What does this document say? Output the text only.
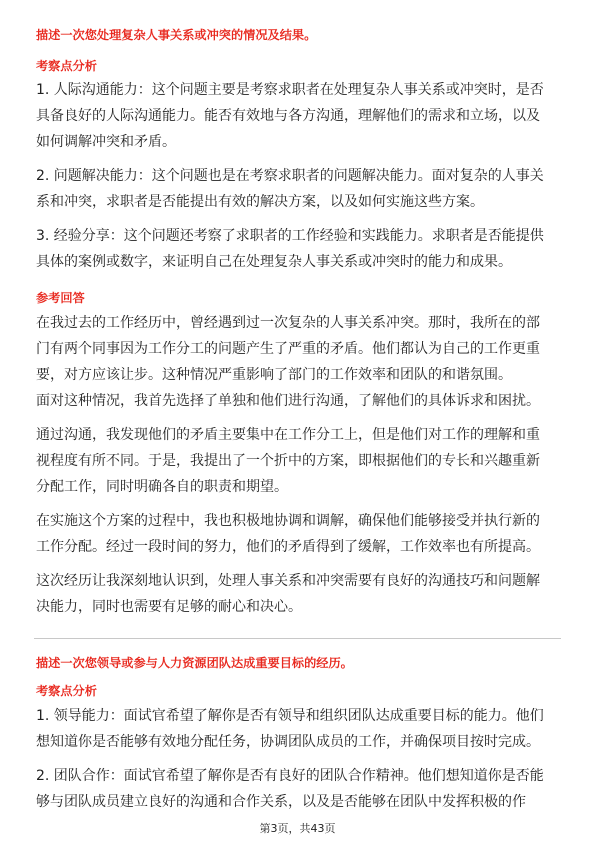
描述一次您处理复杂人事关系或冲突的情况及结果。
考察点分析
1. 人际沟通能力：这个问题主要是考察求职者在处理复杂人事关系或冲突时，是否
具备良好的人际沟通能力。能否有效地与各方沟通，理解他们的需求和立场，以及
如何调解冲突和矛盾。
2. 问题解决能力：这个问题也是在考察求职者的问题解决能力。面对复杂的人事关
系和冲突，求职者是否能提出有效的解决方案，以及如何实施这些方案。
3. 经验分享：这个问题还考察了求职者的工作经验和实践能力。求职者是否能提供
具体的案例或数字，来证明自己在处理复杂人事关系或冲突时的能力和成果。
参考回答
在我过去的工作经历中，曾经遇到过一次复杂的人事关系冲突。那时，我所在的部
门有两个同事因为工作分工的问题产生了严重的矛盾。他们都认为自己的工作更重
要，对方应该让步。这种情况严重影响了部门的工作效率和团队的和谐氛围。
面对这种情况，我首先选择了单独和他们进行沟通，了解他们的具体诉求和困扰。
通过沟通，我发现他们的矛盾主要集中在工作分工上，但是他们对工作的理解和重
视程度有所不同。于是，我提出了一个折中的方案，即根据他们的专长和兴趣重新
分配工作，同时明确各自的职责和期望。
在实施这个方案的过程中，我也积极地协调和调解，确保他们能够接受并执行新的
工作分配。经过一段时间的努力，他们的矛盾得到了缓解，工作效率也有所提高。
这次经历让我深刻地认识到，处理人事关系和冲突需要有良好的沟通技巧和问题解
决能力，同时也需要有足够的耐心和决心。
描述一次您领导或参与人力资源团队达成重要目标的经历。
考察点分析
1. 领导能力：面试官希望了解你是否有领导和组织团队达成重要目标的能力。他们
想知道你是否能够有效地分配任务，协调团队成员的工作，并确保项目按时完成。
2. 团队合作：面试官希望了解你是否有良好的团队合作精神。他们想知道你是否能
够与团队成员建立良好的沟通和合作关系，以及是否能够在团队中发挥积极的作
第3页，共43页
